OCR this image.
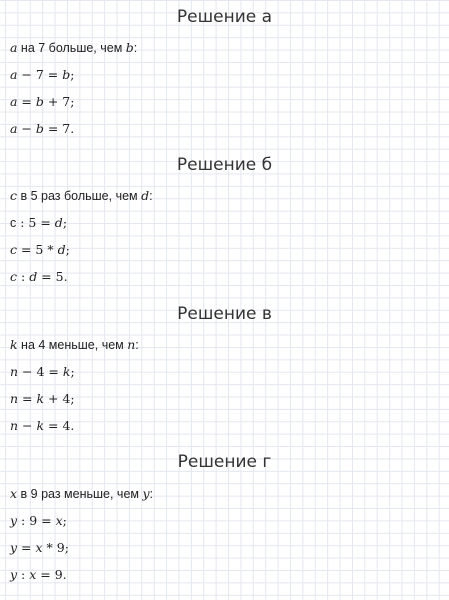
Решение а
a на 7 больше, чем b:
a − 7 = b;
a = b + 7;
a − b = 7.
Решение б
c в 5 раз больше, чем d:
c : 5 = d;
c = 5 * d;
c : d = 5.
Решение в
k на 4 меньше, чем n:
n − 4 = k;
n = k + 4;
n − k = 4.
Решение г
x в 9 раз меньше, чем y:
y : 9 = x;
y = x * 9;
y : x = 9.
